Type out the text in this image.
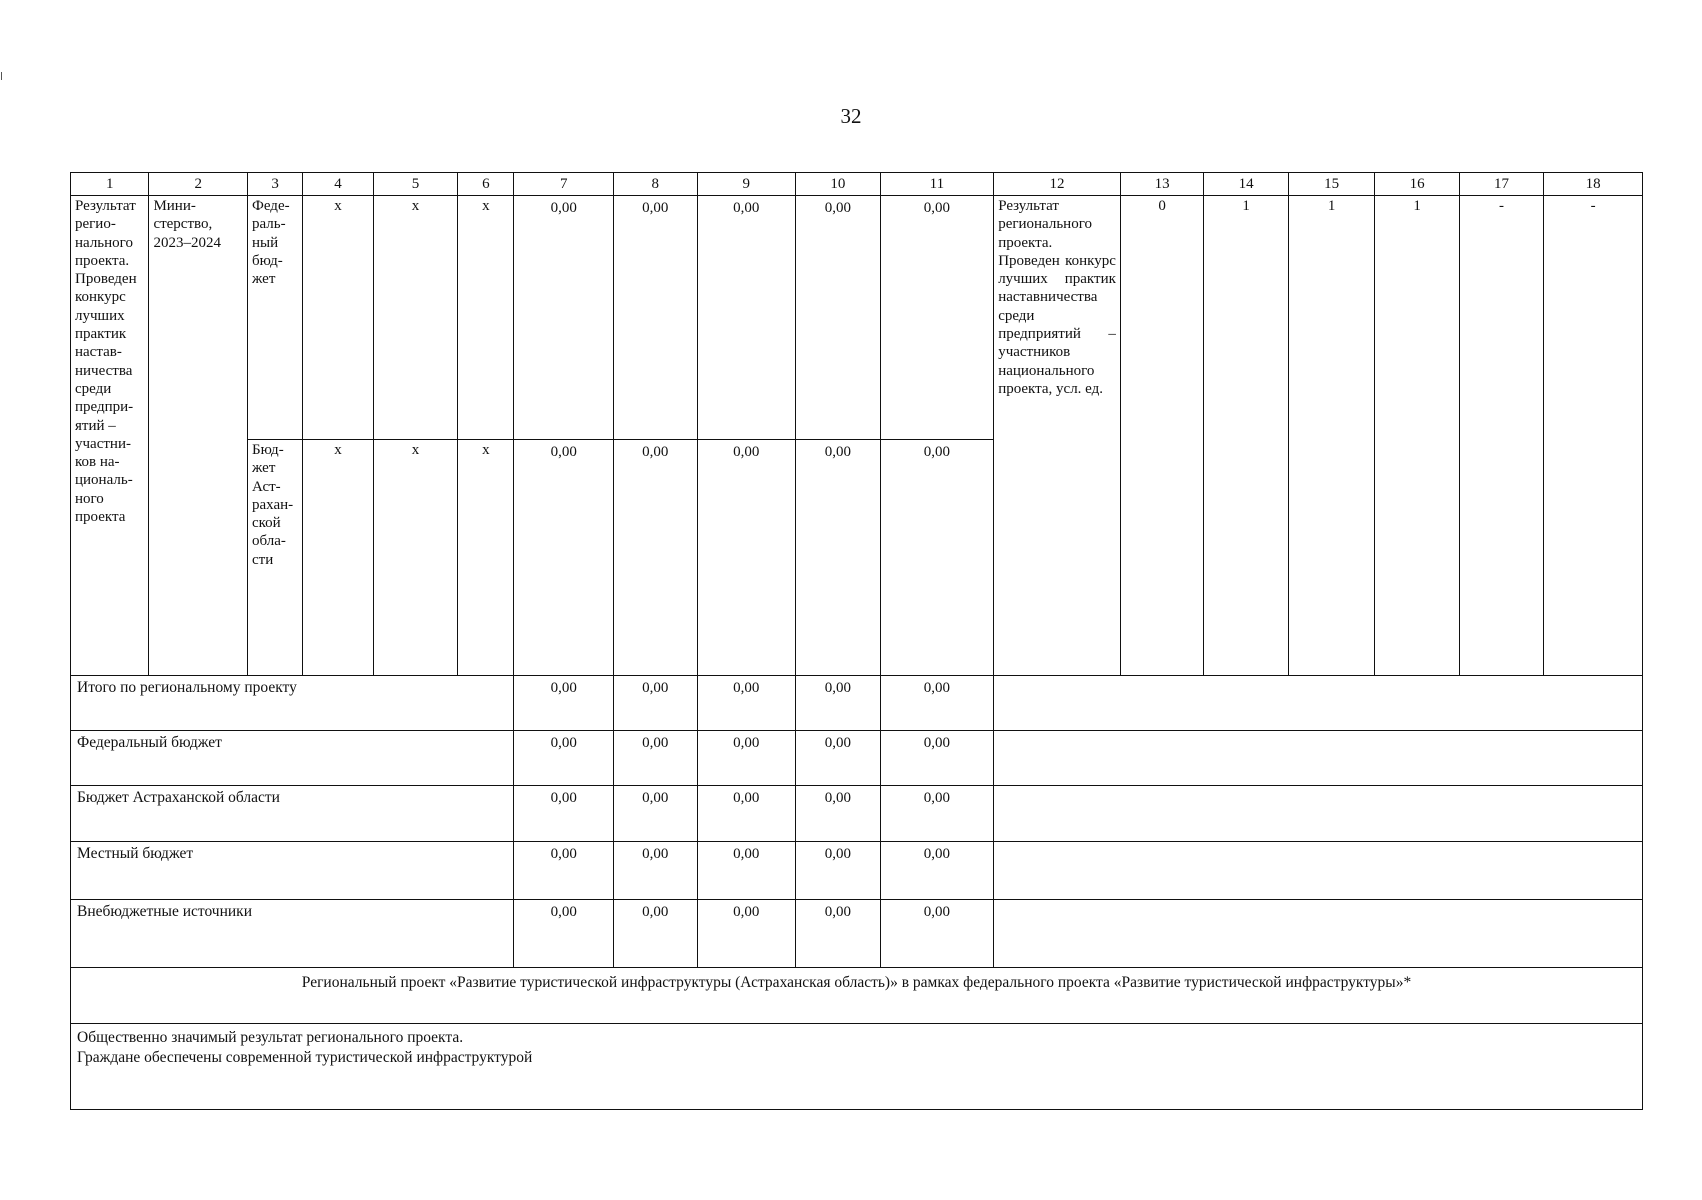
32
1	2	3	4	5	6	7	8	9	10	11	12	13	14	15	16	17	18
Результат регио-нального проекта. Проведен конкурс лучших практик настав-ничества среди предпри-ятий – участни-ков на-циональ-ного проекта	Мини-стерство, 2023–2024	Феде-раль-ный бюд-жет	х	х	х	0,00	0,00	0,00	0,00	0,00	Результат регионального проекта. Проведен конкурс лучших практик наставничества среди предприятий – участников национального проекта, усл. ед.	0	1	1	1	-	-
		Бюд-жет Аст-рахан-ской обла-сти	х	х	х	0,00	0,00	0,00	0,00	0,00							
Итого по региональному проекту						0,00	0,00	0,00	0,00	0,00							
Федеральный бюджет						0,00	0,00	0,00	0,00	0,00							
Бюджет Астраханской области						0,00	0,00	0,00	0,00	0,00							
Местный бюджет						0,00	0,00	0,00	0,00	0,00							
Внебюджетные источники						0,00	0,00	0,00	0,00	0,00							
Региональный проект «Развитие туристической инфраструктуры (Астраханская область)» в рамках федерального проекта «Развитие туристической инфраструктуры»*																	

Общественно значимый результат регионального проекта.
Граждане обеспечены современной туристической инфраструктурой																	
